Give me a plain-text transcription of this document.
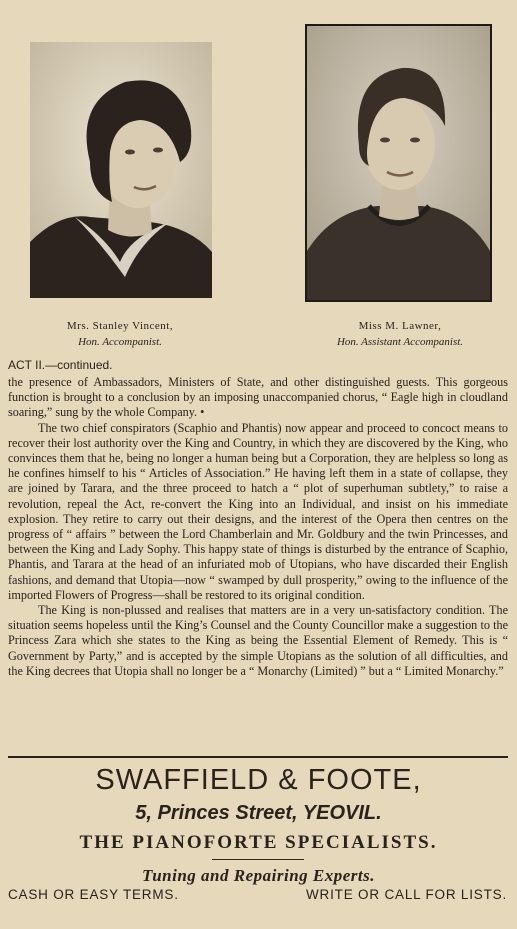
Mrs. Stanley Vincent,
Hon. Accompanist.
Miss M. Lawner,
Hon. Assistant Accompanist.
ACT II.—continued.

the presence of Ambassadors, Ministers of State, and other distinguished guests. This gorgeous function is brought to a conclusion by an imposing unaccompanied chorus, “ Eagle high in cloudland soaring,” sung by the whole Company. •

The two chief conspirators (Scaphio and Phantis) now appear and proceed to concoct means to recover their lost authority over the King and Country, in which they are discovered by the King, who convinces them that he, being no longer a human being but a Corporation, they are helpless so long as he confines himself to his “ Articles of Association.” He having left them in a state of collapse, they are joined by Tarara, and the three proceed to hatch a “ plot of superhuman subtlety,” to raise a revolution, repeal the Act, re-convert the King into an Individual, and insist on his immediate explosion. They retire to carry out their designs, and the interest of the Opera then centres on the progress of “ affairs ” between the Lord Chamberlain and Mr. Goldbury and the twin Princesses, and between the King and Lady Sophy. This happy state of things is disturbed by the entrance of Scaphio, Phantis, and Tarara at the head of an infuriated mob of Utopians, who have discarded their English fashions, and demand that Utopia—now “ swamped by dull prosperity,” owing to the influence of the imported Flowers of Progress—shall be restored to its original condition.

The King is non-plussed and realises that matters are in a very un-satisfactory condition. The situation seems hopeless until the King’s Counsel and the County Councillor make a suggestion to the Princess Zara which she states to the King as being the Essential Element of Remedy. This is “ Government by Party,” and is accepted by the simple Utopians as the solution of all difficulties, and the King decrees that Utopia shall no longer be a “ Monarchy (Limited) ” but a “ Limited Monarchy.”

SWAFFIELD & FOOTE,
5, Princes Street, YEOVIL.
THE PIANOFORTE SPECIALISTS.
Tuning and Repairing Experts.
CASH OR EASY TERMS.	WRITE OR CALL FOR LISTS.
